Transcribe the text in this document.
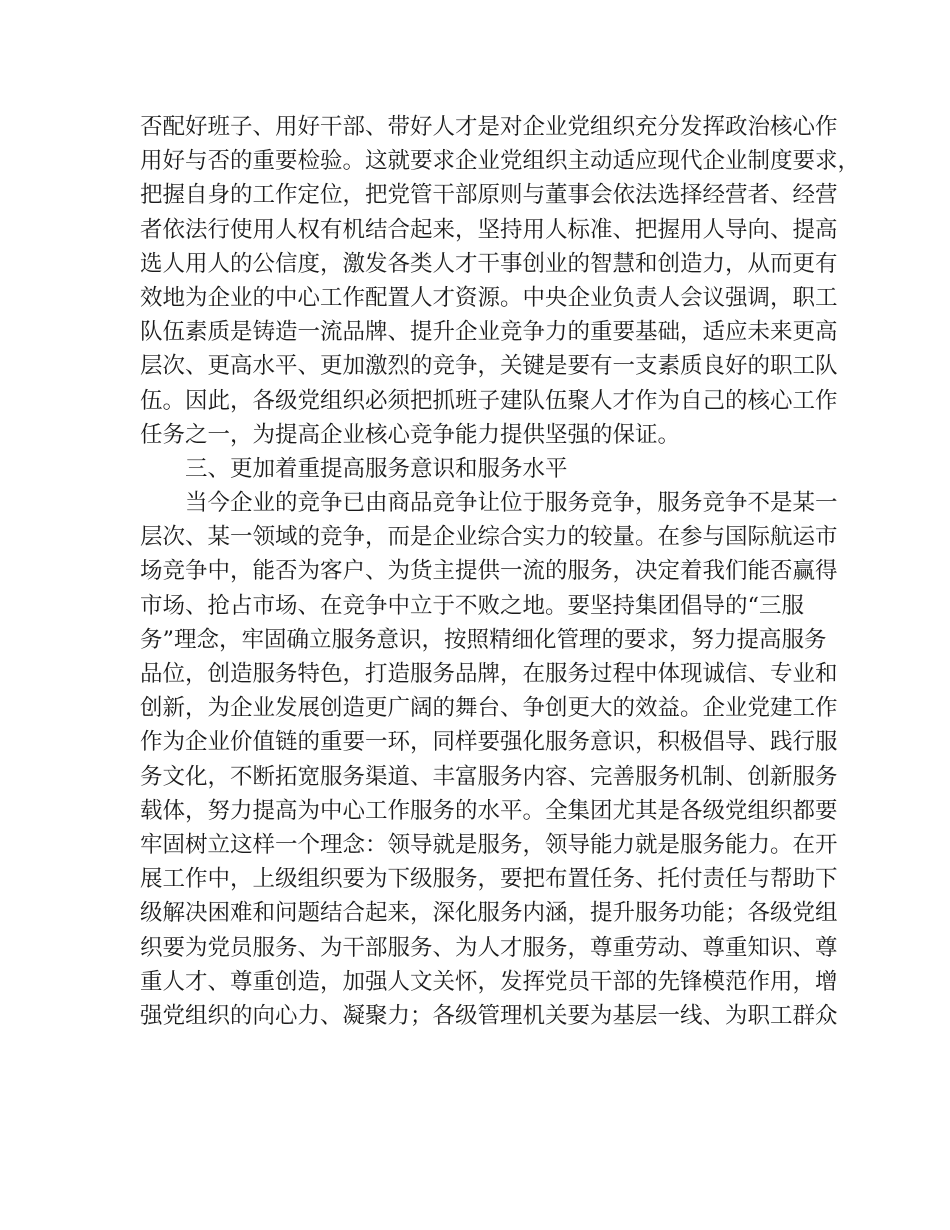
否配好班子、用好干部、带好人才是对企业党组织充分发挥政治核心作
用好与否的重要检验。这就要求企业党组织主动适应现代企业制度要求，
把握自身的工作定位，把党管干部原则与董事会依法选择经营者、经营
者依法行使用人权有机结合起来，坚持用人标准、把握用人导向、提高
选人用人的公信度，激发各类人才干事创业的智慧和创造力，从而更有
效地为企业的中心工作配置人才资源。中央企业负责人会议强调，职工
队伍素质是铸造一流品牌、提升企业竞争力的重要基础，适应未来更高
层次、更高水平、更加激烈的竞争，关键是要有一支素质良好的职工队
伍。因此，各级党组织必须把抓班子建队伍聚人才作为自己的核心工作
任务之一，为提高企业核心竞争能力提供坚强的保证。
三、更加着重提高服务意识和服务水平
当今企业的竞争已由商品竞争让位于服务竞争，服务竞争不是某一
层次、某一领域的竞争，而是企业综合实力的较量。在参与国际航运市
场竞争中，能否为客户、为货主提供一流的服务，决定着我们能否赢得
市场、抢占市场、在竞争中立于不败之地。要坚持集团倡导的“三服
务”理念，牢固确立服务意识，按照精细化管理的要求，努力提高服务
品位，创造服务特色，打造服务品牌，在服务过程中体现诚信、专业和
创新，为企业发展创造更广阔的舞台、争创更大的效益。企业党建工作
作为企业价值链的重要一环，同样要强化服务意识，积极倡导、践行服
务文化，不断拓宽服务渠道、丰富服务内容、完善服务机制、创新服务
载体，努力提高为中心工作服务的水平。全集团尤其是各级党组织都要
牢固树立这样一个理念：领导就是服务，领导能力就是服务能力。在开
展工作中，上级组织要为下级服务，要把布置任务、托付责任与帮助下
级解决困难和问题结合起来，深化服务内涵，提升服务功能；各级党组
织要为党员服务、为干部服务、为人才服务，尊重劳动、尊重知识、尊
重人才、尊重创造，加强人文关怀，发挥党员干部的先锋模范作用，增
强党组织的向心力、凝聚力；各级管理机关要为基层一线、为职工群众
